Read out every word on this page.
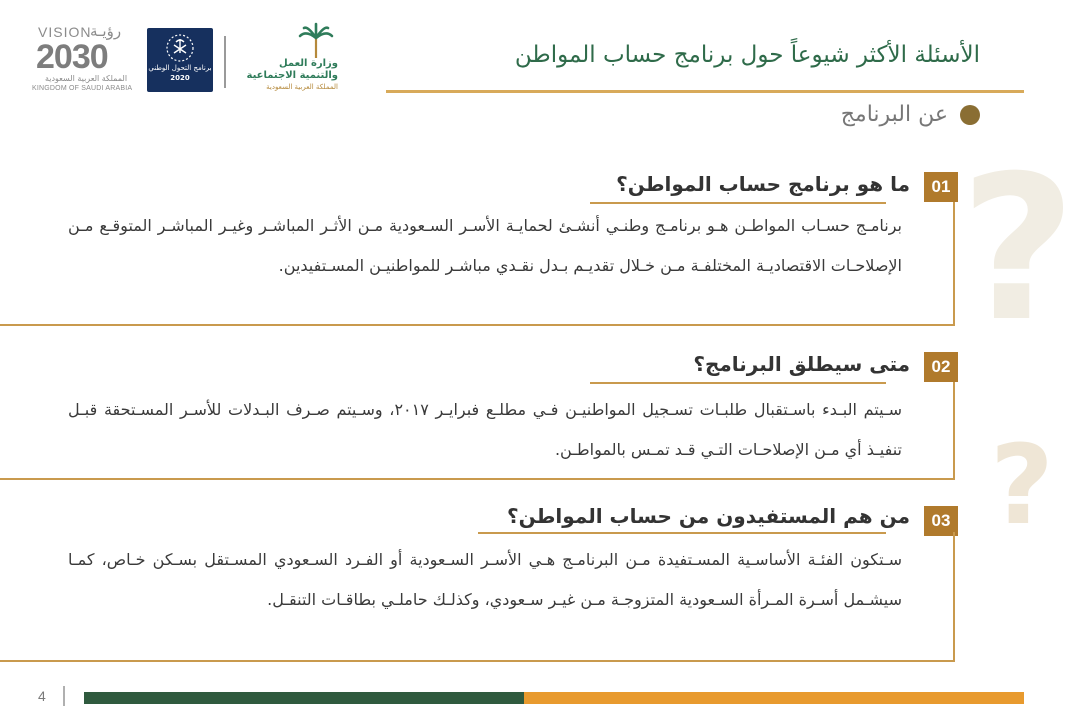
?
?
VISION
رؤيـة
2030
المملكة العربية السعودية
KINGDOM OF SAUDI ARABIA
برنامج التحول الوطني
2020
وزارة العمل
والتنمية الاجتماعية
المملكة العربية السعودية
الأسئلة الأكثر شيوعاً حول برنامج حساب المواطن
عن البرنامج
01
ما هو برنامج حساب المواطن؟
برنامـج حسـاب المواطـن هـو برنامـج وطنـي أنشـئ لحمايـة الأسـر السـعودية مـن الأثـر المباشـر وغيـر المباشـر المتوقـع مـن الإصلاحـات الاقتصاديـة المختلفـة مـن خـلال تقديـم بـدل نقـدي مباشـر للمواطنيـن المسـتفيدين.
02
متى سيطلق البرنامج؟
سـيتم البـدء باسـتقبال طلبـات تسـجيل المواطنيـن فـي مطلـع فبرايـر ٢٠١٧، وسـيتم صـرف البـدلات للأسـر المسـتحقة قبـل تنفيـذ أي مـن الإصلاحـات التـي قـد تمـس بالمواطـن.
03
من هم المستفيدون من حساب المواطن؟
سـتكون الفئـة الأساسـية المسـتفيدة مـن البرنامـج هـي الأسـر السـعودية أو الفـرد السـعودي المسـتقل بسـكن خـاص، كمـا سيشـمل أسـرة المـرأة السـعودية المتزوجـة مـن غيـر سـعودي، وكذلـك حاملـي بطاقـات التنقـل.
4
